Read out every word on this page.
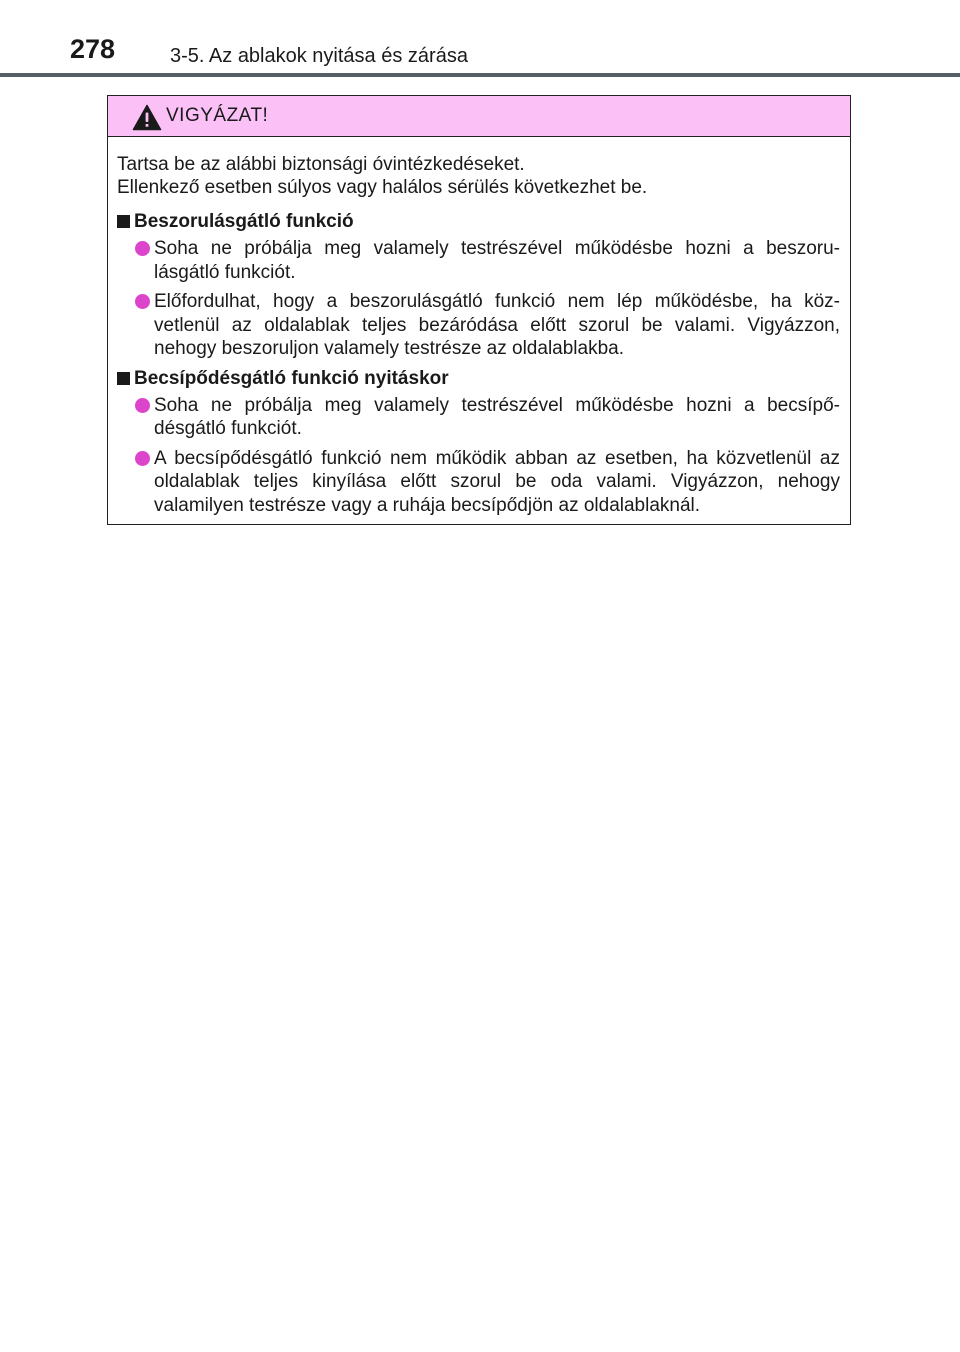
278	3-5. Az ablakok nyitása és zárása
VIGYÁZAT!

Tartsa be az alábbi biztonsági óvintézkedéseket.

Ellenkező esetben súlyos vagy halálos sérülés következhet be.

Beszorulásgátló funkció
Soha ne próbálja meg valamely testrészével működésbe hozni a beszoru-lásgátló funkciót.
Előfordulhat, hogy a beszorulásgátló funkció nem lép működésbe, ha köz-vetlenül az oldalablak teljes bezáródása előtt szorul be valami. Vigyázzon, nehogy beszoruljon valamely testrésze az oldalablakba.
Becsípődésgátló funkció nyitáskor
Soha ne próbálja meg valamely testrészével működésbe hozni a becsípő-désgátló funkciót.
A becsípődésgátló funkció nem működik abban az esetben, ha közvetlenül az oldalablak teljes kinyílása előtt szorul be oda valami. Vigyázzon, nehogy valamilyen testrésze vagy a ruhája becsípődjön az oldalablaknál.
